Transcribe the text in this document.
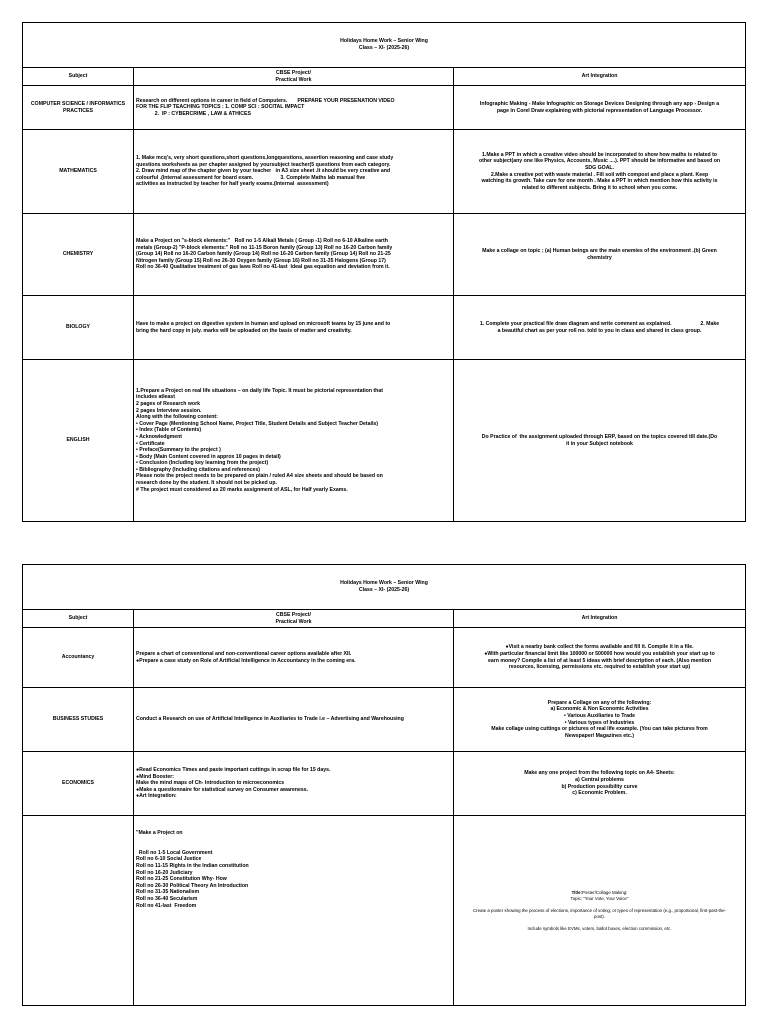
Holidays Home Work – Senior Wing
Class – XI- (2025-26)
Subject
CBSE Project/
Practical Work
Art Integration
COMPUTER SCIENCE / INFORMATICS PRACTICES
Research on different options in career in field of Computers.       PREPARE YOUR PRESENATION VIDEO
FOR THE FLIP TEACHING TOPICS : 1. COMP SCI : SOCITAL IMPACT
2.  IP : CYBERCRIME , LAW & ATHICES
Infographic Making - Make Infographic on Storage Devices Designing through any app - Design a
page in Corel Draw explaining with pictorial representation of Language Processor.
MATHEMATICS
1. Make mcq's, very short questions,short questions,longquestions, assertion reasoning and case study
questions worksheets as per chapter assigned by yoursubject teacher(5 questions from each category.
2. Draw mind map of the chapter given by your teacher   in A3 size sheet .It should be very creative and
colourful .(Internal assessment for board exam.                   3. Complete Maths lab manual five
activities as instructed by teacher for half yearly exams.(Internal  assessment)
1.Make a PPT in which a creative video should be incorporated to show how maths is related to
other subject(any one like Physics, Accounts, Music ....). PPT should be informative and based on
SDG GOAL.
2.Make a creative pot with waste material . Fill soil with compost and place a plant. Keep
watching its growth. Take care for one month . Make a PPT in which mention how this activity is
related to different subjects. Bring it to school when you come.
CHEMISTRY
Make a Project on "s-block elements:"   Roll no 1-5 Alkali Metals ( Group -1) Roll no 6-10 Alkaline earth
metals (Group-2) "P-block elements:" Roll no 11-15 Boron family (Group 13) Roll no 16-20 Carbon family
(Group 14) Roll no 16-20 Carbon family (Group 14) Roll no 16-20 Carbon family (Group 14) Roll no 21-25
Nitrogen family (Group 15) Roll no 26-30 Oxygen family (Group 16) Roll no 31-35 Halogens (Group 17)
Roll no 36-40 Qualitative treatment of gas laws Roll no 41-last  Ideal gas equation and deviation from it.
Make a collage on topic ; (a) Human beings are the main enemies of the environment .(b) Green
chemistry
BIOLOGY
Have to make a project on digestive system in human and upload on microsoft teams by 15 june and to
bring the hard copy in july. marks will be uploaded on the basis of matter and creativity.
1. Complete your practical file draw diagram and write comment as explained.                    2. Make
a beautiful chart as per your roll no. told to you in class and shared in class group.
ENGLISH
1.Prepare a Project on real life situations – on daily life Topic. It must be pictorial representation that
includes atleast
2 pages of Research work
2 pages Interview session.
Along with the following content:
• Cover Page (Mentioning School Name, Project Title, Student Details and Subject Teacher Details)
• Index (Table of Contents)
• Acknowledgment
• Certificate
• Preface(Summary to the project )
• Body (Main Content covered in approx 10 pages in detail)
• Conclusion (Including key learning from the project)
• Bibliography (Including citations and references)
Please note the project needs to be prepared on plain / ruled A4 size sheets and should be based on
research done by the student. It should not be picked up.
# The project must considered as 20 marks assignment of ASL, for Half yearly Exams.
Do Practice of  the assignment uploaded through ERP, based on the topics covered till date.(Do
it in your Subject notebook
Holidays Home Work – Senior Wing
Class – XI- (2025-26)
Subject
CBSE Project/
Practical Work
Art Integration
Accountancy
Prepare a chart of conventional and non-conventional career options available after XII.
●Prepare a case study on Role of Artificial Intelligence in Accountancy in the coming era.
●Visit a nearby bank collect the forms available and fill it. Compile it in a file.
●With particular financial limit like 100000 or 500000 how would you establish your start up to
earn money? Compile a list of at least 5 ideas with brief description of each. (Also mention
resources, licensing, permissions etc. required to establish your start up)
BUSINESS STUDIES	Conduct a Research on use of Artificial Intelligence in Auxiliaries to Trade i.e – Advertising and Warehousing
Prepare a Collage on any of the following:
a) Economic & Non Economic Activities
• Various Auxiliaries to Trade
• Various types of Industries
Make collage using cuttings or pictures of real life example. (You can take pictures from
Newspaper/ Magazines etc.)
ECONOMICS
●Read Economics Times and paste important cuttings in scrap file for 15 days.
●Mind Booster:
Make the mind maps of Ch- Introduction to microeconomics
●Make a questionnaire for statistical survey on Consumer awareness.
●Art Integration:
Make any one project from the following topic on A4- Sheets:
a) Central problems
b) Production possibility curve
c) Economic Problem.
"Make a Project on

Roll no 1-5 Local Government
Roll no 6-10 Social Justice
Roll no 11-15 Rights in the Indian constitution
Roll no 16-20 Judiciary
Roll no 21-25 Constitution Why- How
Roll no 26-30 Political Theory An Introduction
Roll no 31-35 Nationalism
Roll no 36-40 Secularism
Roll no 41-last  Freedom
Title:Poster/Collage Making:
Topic: "Your Vote, Your Voice"

Create a poster showing the process of elections, importance of voting, or types of representation (e.g., proportional, first-past-the-
post).

Include symbols like EVMs, voters, ballot boxes, election commission, etc.
